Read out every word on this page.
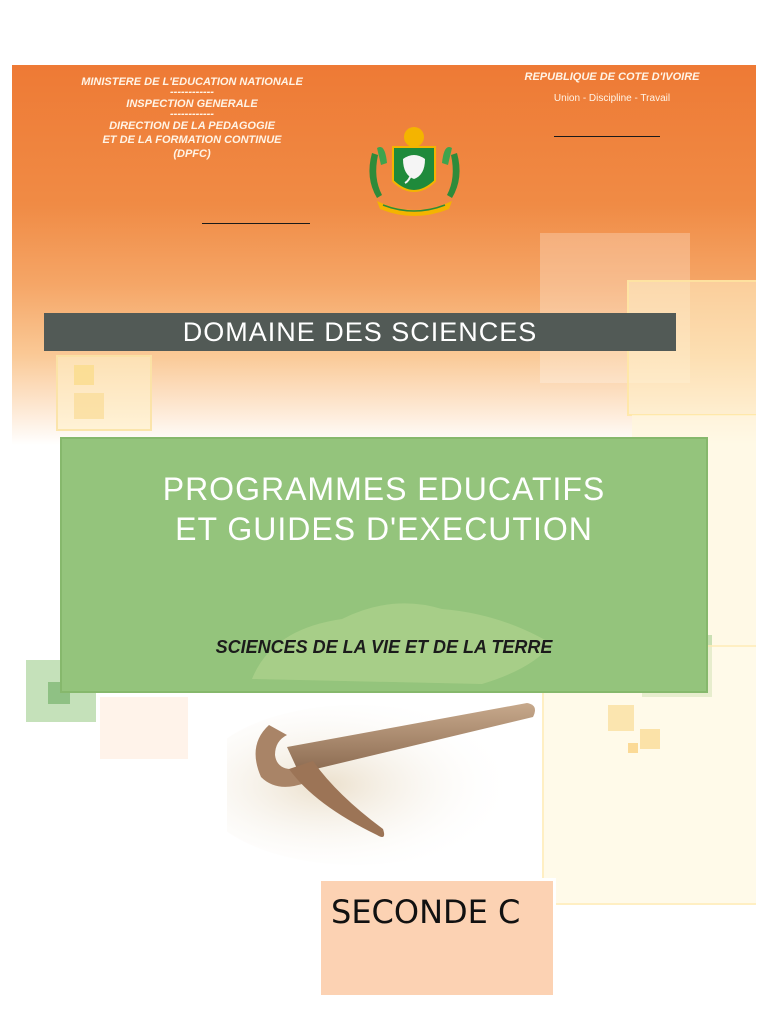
MINISTERE DE L'EDUCATION NATIONALE
------------
INSPECTION GENERALE
------------
DIRECTION DE LA PEDAGOGIE
ET DE LA FORMATION CONTINUE
(DPFC)
REPUBLIQUE DE COTE D'IVOIRE
Union - Discipline - Travail
DOMAINE DES SCIENCES
PROGRAMMES EDUCATIFS
ET GUIDES D'EXECUTION
SCIENCES DE LA VIE ET DE LA TERRE
SECONDE C
